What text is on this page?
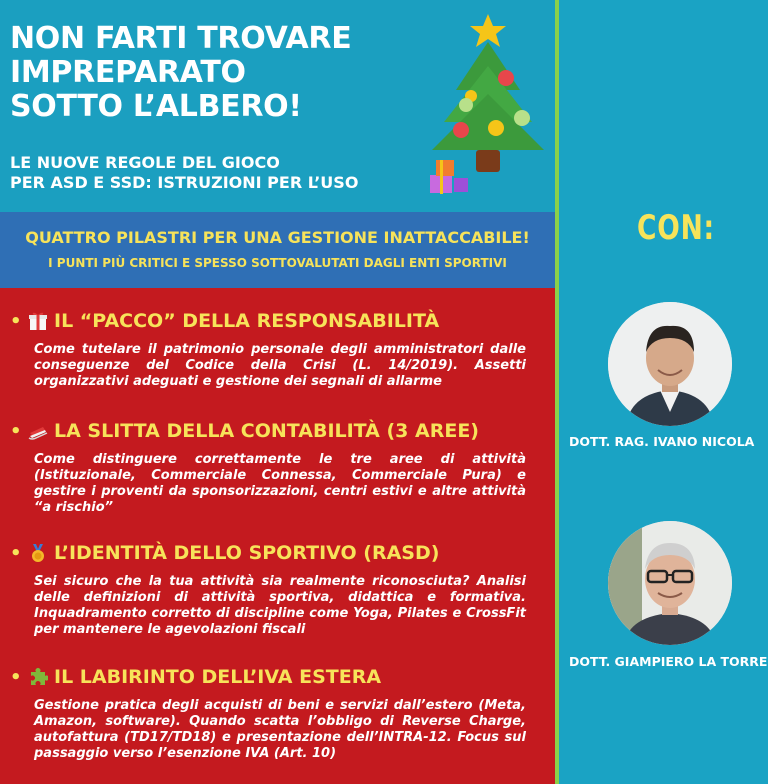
NON FARTI TROVARE
IMPREPARATO
SOTTO L’ALBERO!
LE NUOVE REGOLE DEL GIOCO
PER ASD E SSD: ISTRUZIONI PER L’USO
QUATTRO PILASTRI PER UNA GESTIONE INATTACCABILE!
I PUNTI PIÙ CRITICI E SPESSO SOTTOVALUTATI DAGLI ENTI SPORTIVI
•	IL “PACCO” DELLA RESPONSABILITÀ
Come tutelare il patrimonio personale degli amministratori dalle conseguenze del Codice della Crisi (L. 14/2019). Assetti organizzativi adeguati e gestione dei segnali di allarme
•	LA SLITTA DELLA CONTABILITÀ (3 AREE)
Come distinguere correttamente le tre aree di attività (Istituzionale, Commerciale Connessa, Commerciale Pura) e gestire i proventi da sponsorizzazioni, centri estivi e altre attività “a rischio”
•	L’IDENTITÀ DELLO SPORTIVO (RASD)
Sei sicuro che la tua attività sia realmente riconosciuta? Analisi delle definizioni di attività sportiva, didattica e formativa. Inquadramento corretto di discipline come Yoga, Pilates e CrossFit per mantenere le agevolazioni fiscali
•	IL LABIRINTO DELL’IVA ESTERA
Gestione pratica degli acquisti di beni e servizi dall’estero (Meta, Amazon, software). Quando scatta l’obbligo di Reverse Charge, autofattura (TD17/TD18) e presentazione dell’INTRA-12. Focus sul passaggio verso l’esenzione IVA (Art. 10)
CON:
DOTT. RAG. IVANO NICOLA
DOTT. GIAMPIERO LA TORRE
